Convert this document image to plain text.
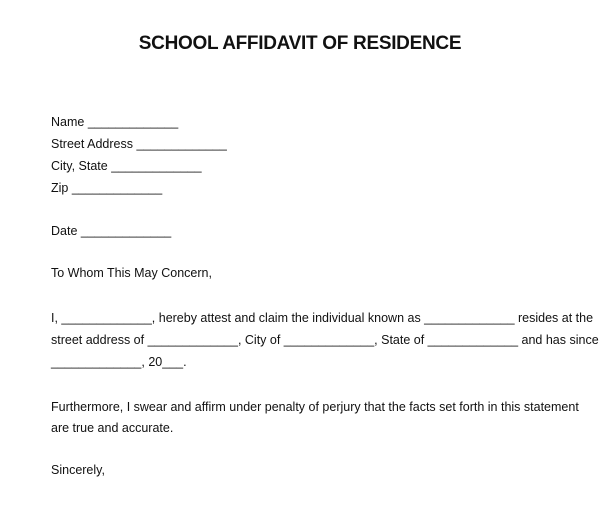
SCHOOL AFFIDAVIT OF RESIDENCE
Name _____________
Street Address _____________
City, State _____________
Zip _____________
Date _____________
To Whom This May Concern,
I, _____________, hereby attest and claim the individual known as _____________ resides at the
street address of _____________, City of _____________, State of _____________ and has since
_____________, 20___.
Furthermore, I swear and affirm under penalty of perjury that the facts set forth in this statement
are true and accurate.
Sincerely,
